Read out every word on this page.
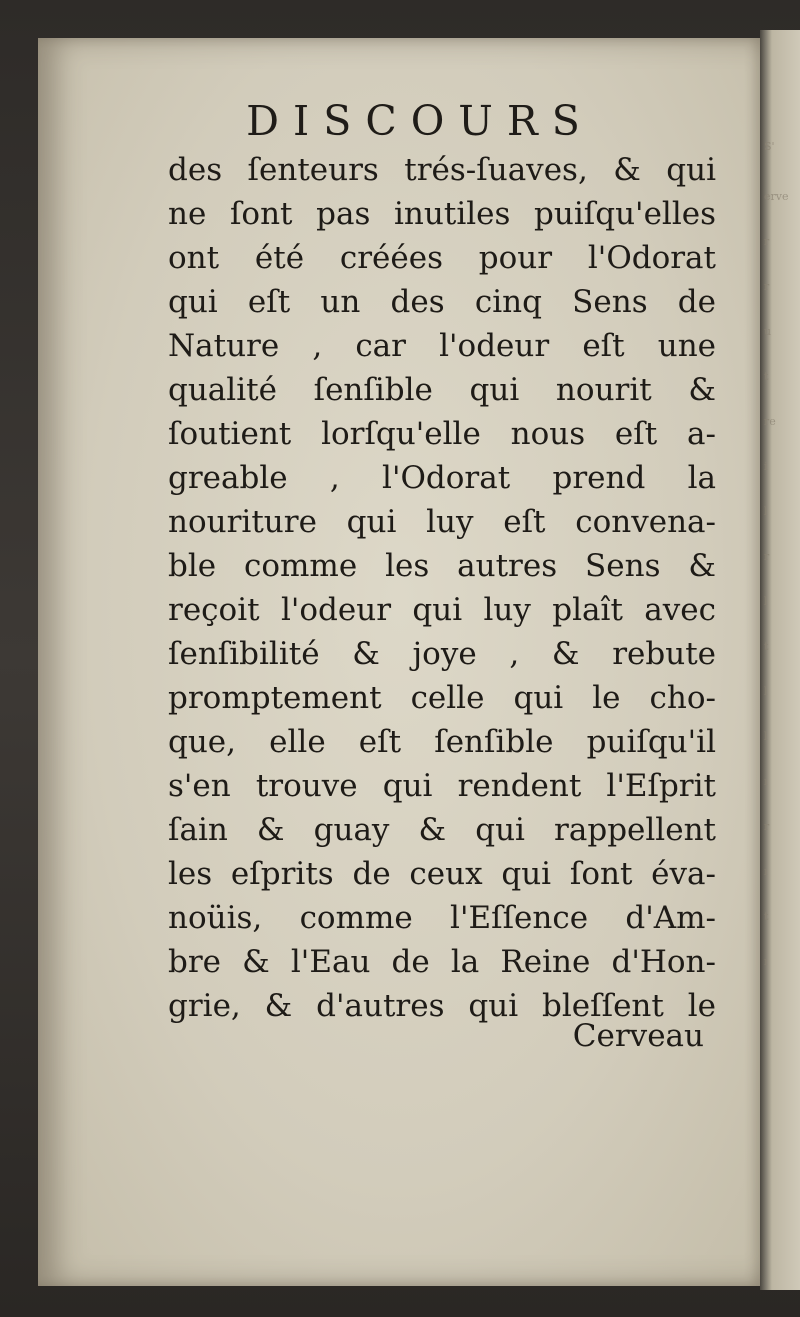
S'
erve
r
r
u
t
re
i
l
r
l
t
l
l
ı
r
ı
t
ı
DISCOURS
des ſenteurs trés-ſuaves, & qui
ne ſont pas inutiles puiſqu'elles
ont été créées pour l'Odorat
qui eſt un des cinq Sens de
Nature , car l'odeur eſt une
qualité ſenſible qui nourit &
ſoutient lorſqu'elle nous eſt a-
greable , l'Odorat prend la
nouriture qui luy eſt convena-
ble comme les autres Sens &
reçoit l'odeur qui luy plaît avec
ſenſibilité & joye , & rebute
promptement celle qui le cho-
que, elle eſt ſenſible puiſqu'il
s'en trouve qui rendent l'Eſprit
ſain & guay & qui rappellent
les eſprits de ceux qui ſont éva-
noüis, comme l'Eſſence d'Am-
bre & l'Eau de la Reine d'Hon-
grie, & d'autres qui bleſſent le
Cerveau
